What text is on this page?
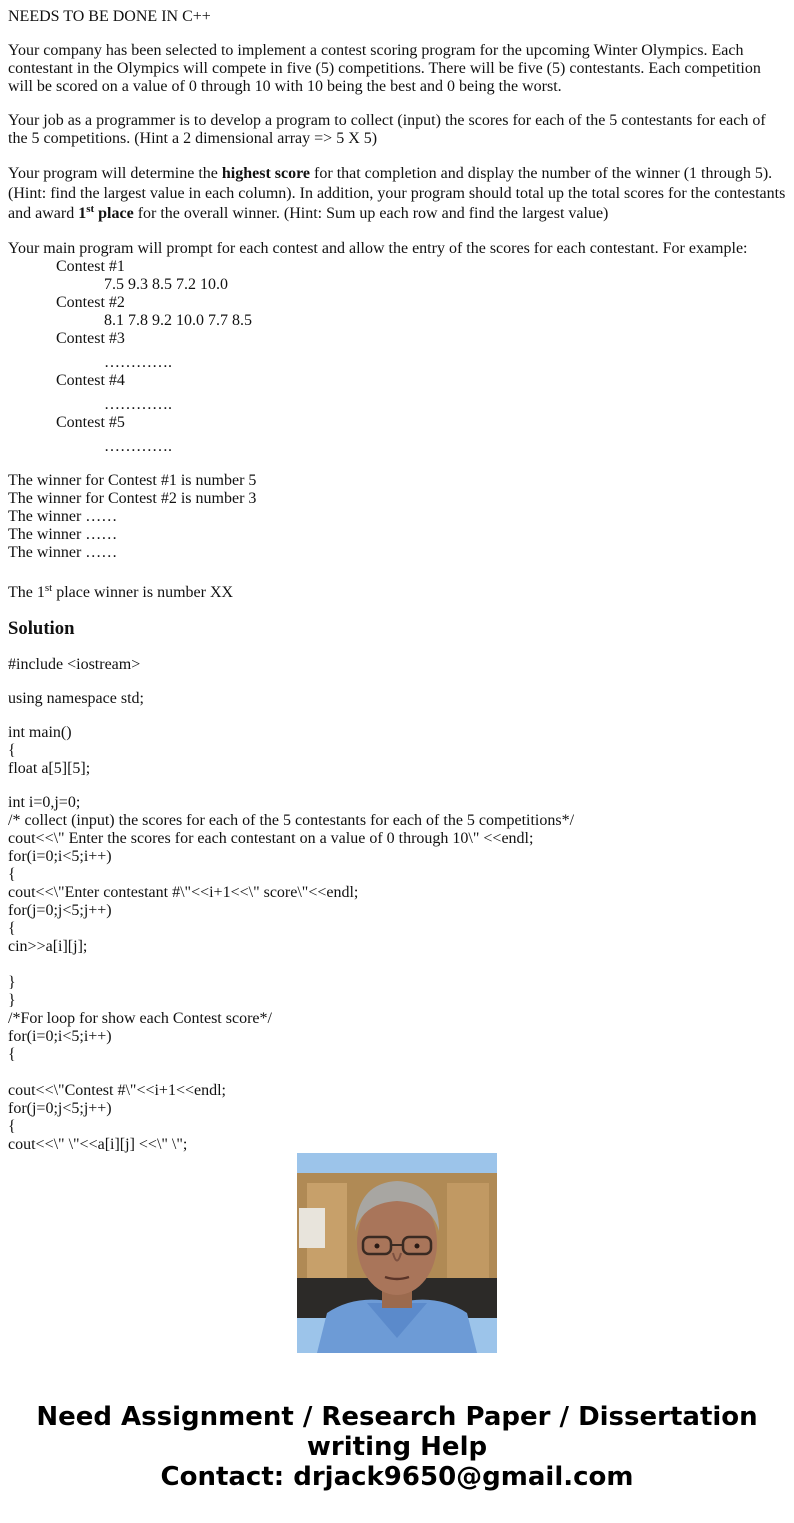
NEEDS TO BE DONE IN C++

Your company has been selected to implement a contest scoring program for the upcoming Winter Olympics. Each contestant in the Olympics will compete in five (5) competitions. There will be five (5) contestants. Each competition will be scored on a value of 0 through 10 with 10 being the best and 0 being the worst.

Your job as a programmer is to develop a program to collect (input) the scores for each of the 5 contestants for each of the 5 competitions. (Hint a 2 dimensional array => 5 X 5)

Your program will determine the highest score for that completion and display the number of the winner (1 through 5). (Hint: find the largest value in each column). In addition, your program should total up the total scores for the contestants and award 1st place for the overall winner. (Hint: Sum up each row and find the largest value)

Your main program will prompt for each contest and allow the entry of the scores for each contestant. For example:

Contest #1
7.5 9.3 8.5 7.2 10.0
Contest #2
8.1 7.8 9.2 10.0 7.7 8.5
Contest #3
………….
Contest #4
………….
Contest #5
………….
The winner for Contest #1 is number 5
The winner for Contest #2 is number 3
The winner ……
The winner ……
The winner ……

The 1st place winner is number XX

Solution
#include <iostream>
using namespace std;
int main()
{
float a[5][5];
int i=0,j=0;
/* collect (input) the scores for each of the 5 contestants for each of the 5 competitions*/
cout<<\" Enter the scores for each contestant on a value of 0 through 10\" <<endl;
for(i=0;i<5;i++)
{
cout<<\"Enter contestant #\"<<i+1<<\" score\"<<endl;
for(j=0;j<5;j++)
{
cin>>a[i][j];
}
}
/*For loop for show each Contest score*/
for(i=0;i<5;i++)
{
cout<<\"Contest #\"<<i+1<<endl;
for(j=0;j<5;j++)
{
cout<<\" \"<<a[i][j] <<\" \";
Need Assignment / Research Paper / Dissertation
writing Help
Contact: drjack9650@gmail.com
